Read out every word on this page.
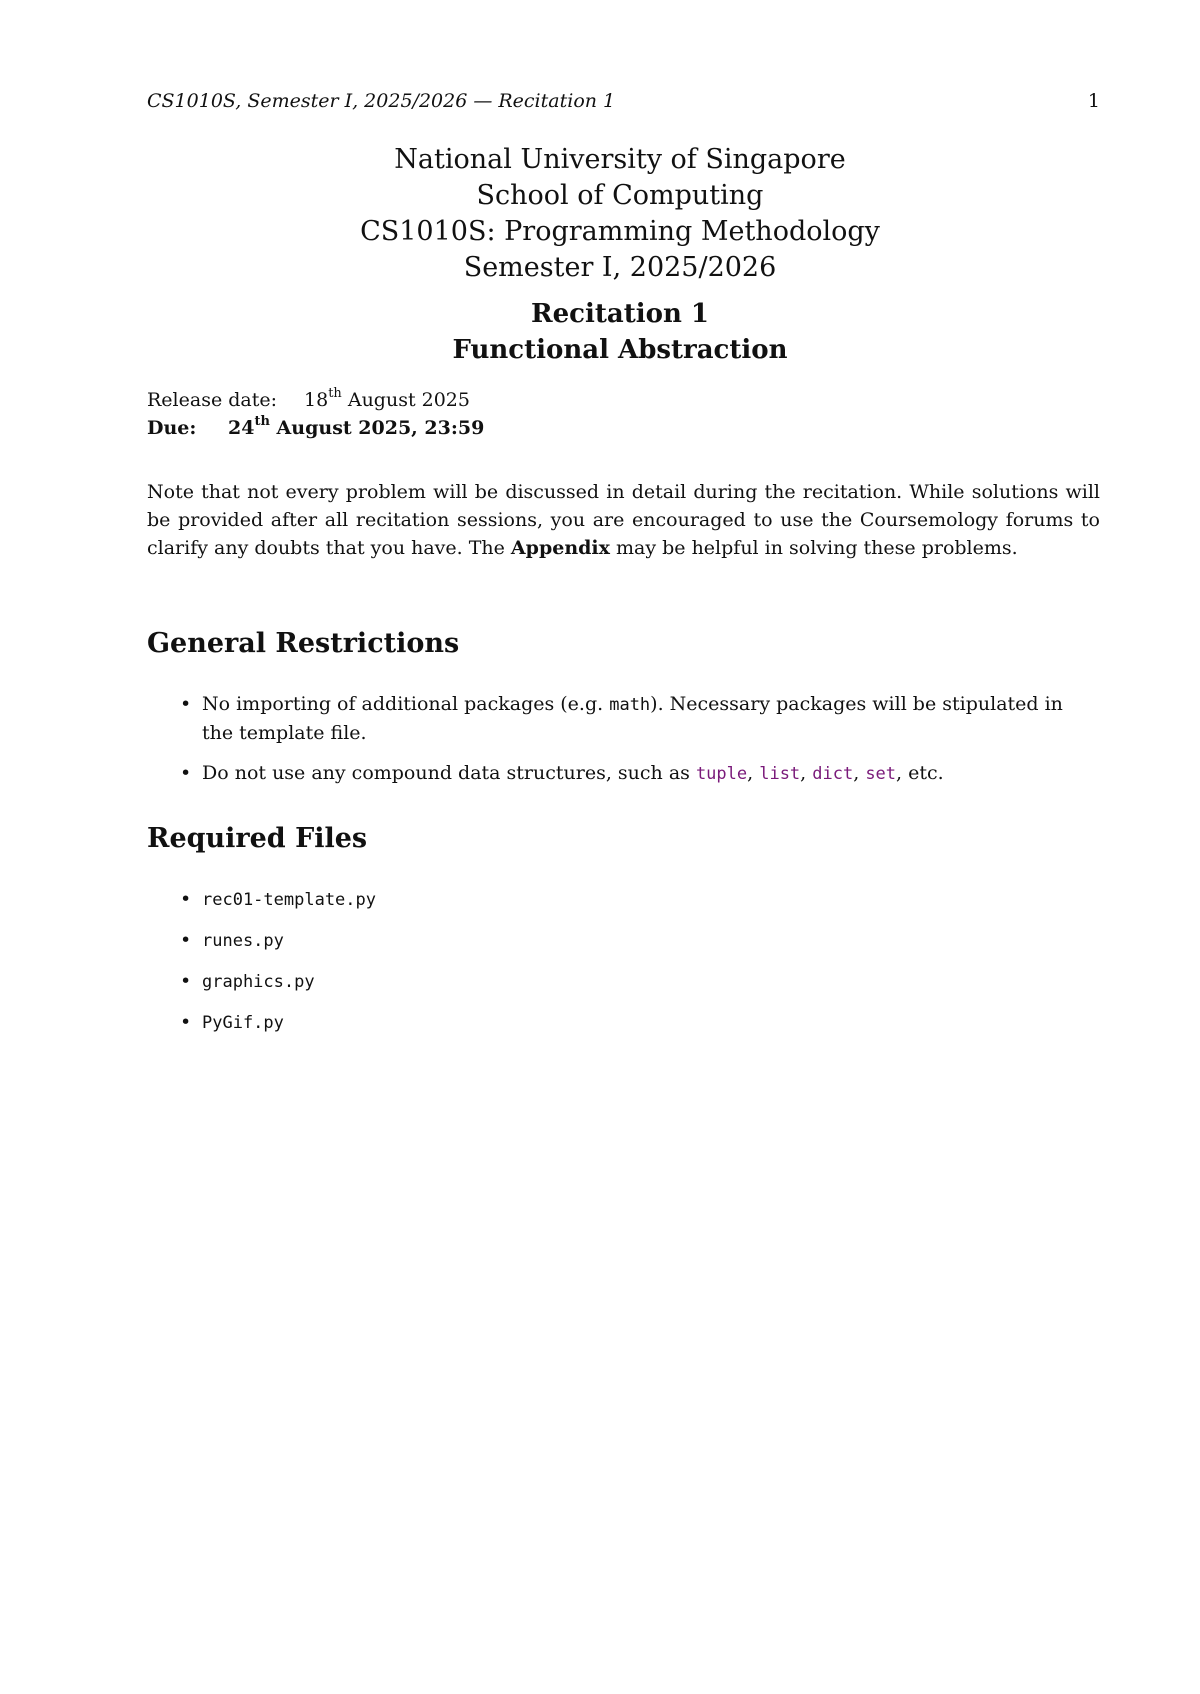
CS1010S, Semester I, 2025/2026 — Recitation 1	1
National University of Singapore
School of Computing
CS1010S: Programming Methodology
Semester I, 2025/2026
Recitation 1
Functional Abstraction
Release date: 18th August 2025
Due: 24th August 2025, 23:59
Note that not every problem will be discussed in detail during the recitation. While solutions will be provided after all recitation sessions, you are encouraged to use the Coursemology forums to clarify any doubts that you have. The Appendix may be helpful in solving these problems.
General Restrictions
• No importing of additional packages (e.g. math). Necessary packages will be stipulated in the template file.
• Do not use any compound data structures, such as tuple, list, dict, set, etc.
Required Files
• rec01-template.py
• runes.py
• graphics.py
• PyGif.py
